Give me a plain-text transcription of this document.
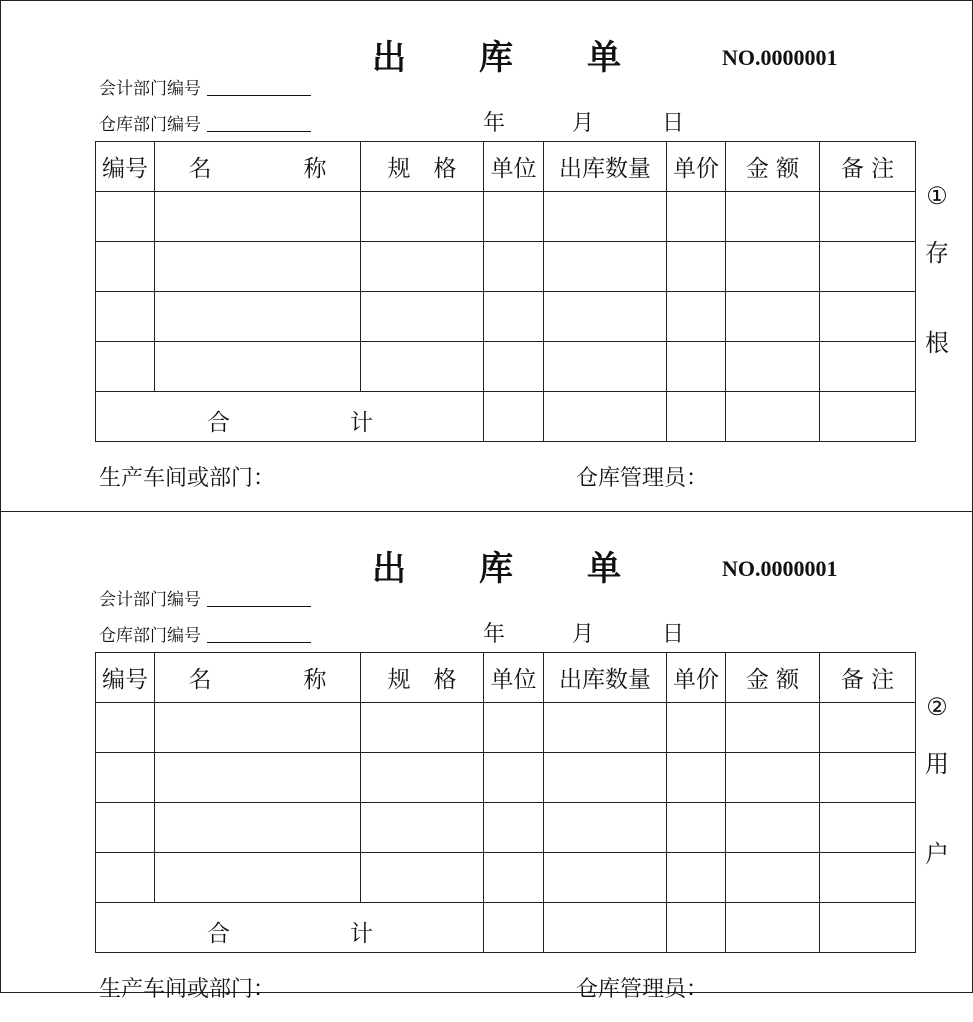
出 库 单	NO.0000001
会计部门编号
仓库部门编号	年	月	日
编号	名　　　　称	规　格	单位	出库数量	单价	金 额	备 注

合 计							

①
存
根
生产车间或部门：	仓库管理员：
出 库 单	NO.0000001
会计部门编号
仓库部门编号	年	月	日
编号	名　　　　称	规　格	单位	出库数量	单价	金 额	备 注

合 计							

②
用
户
生产车间或部门：	仓库管理员：
